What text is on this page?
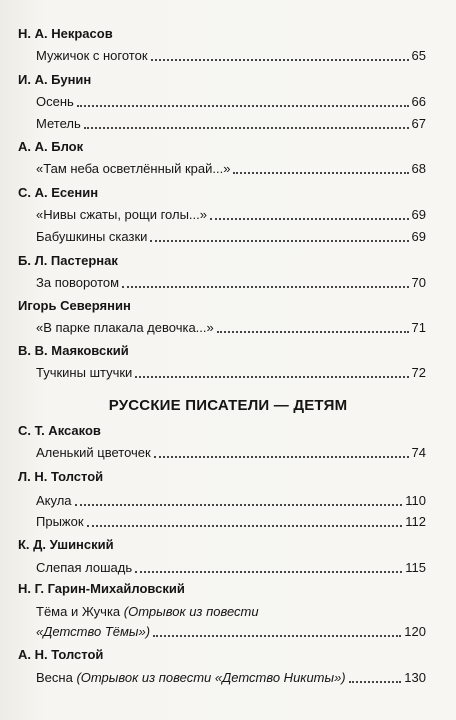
Н. А. Некрасов
Мужичок с ноготок	65
И. А. Бунин
Осень	66
Метель	67
А. А. Блок
«Там неба осветлённый край...»	68
С. А. Есенин
«Нивы сжаты, рощи голы...»	69
Бабушкины сказки	69
Б. Л. Пастернак
За поворотом	70
Игорь Северянин
«В парке плакала девочка...»	71
В. В. Маяковский
Тучкины штучки	72
РУССКИЕ ПИСАТЕЛИ — ДЕТЯМ
С. Т. Аксаков
Аленький цветочек	74
Л. Н. Толстой
Акула	110
Прыжок	112
К. Д. Ушинский
Слепая лошадь	115
Н. Г. Гарин-Михайловский
Тёма и Жучка (Отрывок из повести
«Детство Тёмы»)	120
А. Н. Толстой
Весна (Отрывок из повести «Детство Никиты»)	130
